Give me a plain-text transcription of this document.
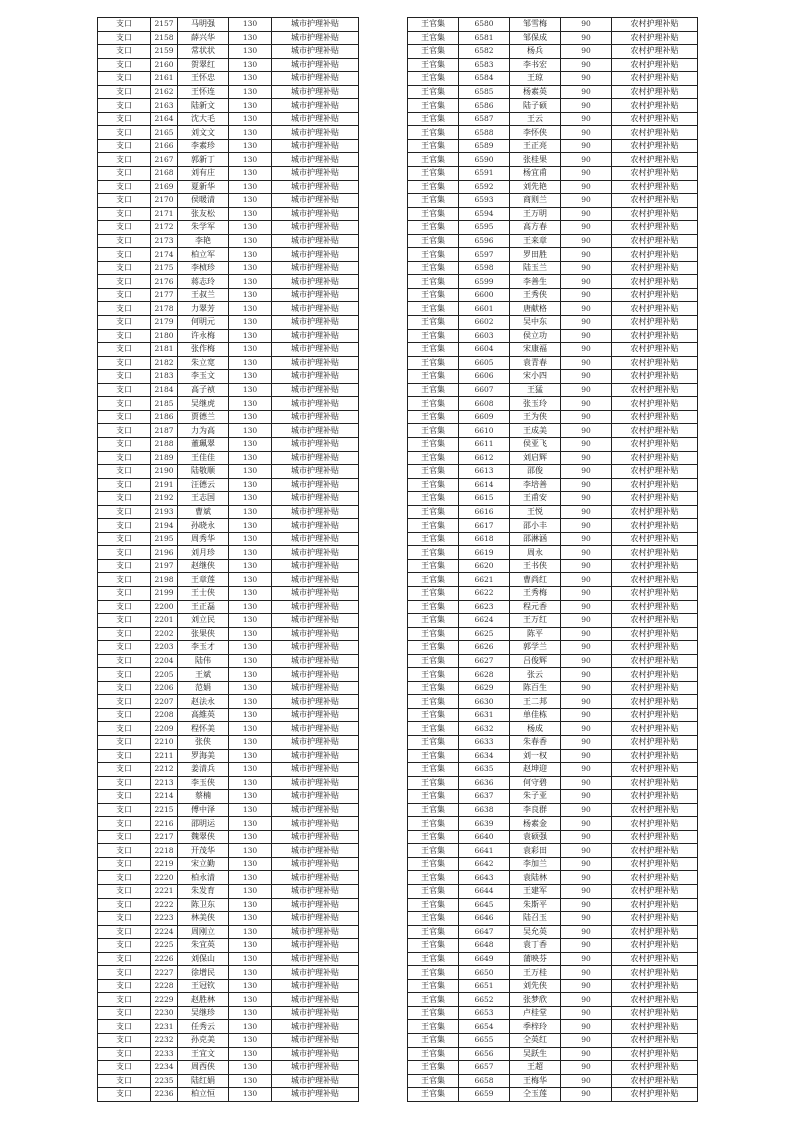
支口	2157	马明强	130	城市护理补贴
支口	2158	薛兴华	130	城市护理补贴
支口	2159	常状状	130	城市护理补贴
支口	2160	贺翠红	130	城市护理补贴
支口	2161	王怀忠	130	城市护理补贴
支口	2162	王怀连	130	城市护理补贴
支口	2163	陆新文	130	城市护理补贴
支口	2164	沈大毛	130	城市护理补贴
支口	2165	刘文文	130	城市护理补贴
支口	2166	李素珍	130	城市护理补贴
支口	2167	郭新丁	130	城市护理补贴
支口	2168	刘有庄	130	城市护理补贴
支口	2169	夏新华	130	城市护理补贴
支口	2170	侯暖清	130	城市护理补贴
支口	2171	张友松	130	城市护理补贴
支口	2172	朱学军	130	城市护理补贴
支口	2173	李艳	130	城市护理补贴
支口	2174	柏立军	130	城市护理补贴
支口	2175	李桢珍	130	城市护理补贴
支口	2176	蒋志玲	130	城市护理补贴
支口	2177	王叔兰	130	城市护理补贴
支口	2178	力翠芳	130	城市护理补贴
支口	2179	何明元	130	城市护理补贴
支口	2180	许永梅	130	城市护理补贴
支口	2181	张作梅	130	城市护理补贴
支口	2182	朱立宽	130	城市护理补贴
支口	2183	李玉文	130	城市护理补贴
支口	2184	高子祯	130	城市护理补贴
支口	2185	吴继虎	130	城市护理补贴
支口	2186	贾德兰	130	城市护理补贴
支口	2187	力为高	130	城市护理补贴
支口	2188	董珮翠	130	城市护理补贴
支口	2189	王佳佳	130	城市护理补贴
支口	2190	陆敬顺	130	城市护理补贴
支口	2191	汪德云	130	城市护理补贴
支口	2192	王志国	130	城市护理补贴
支口	2193	曹斌	130	城市护理补贴
支口	2194	孙晓永	130	城市护理补贴
支口	2195	周秀华	130	城市护理补贴
支口	2196	刘月珍	130	城市护理补贴
支口	2197	赵继侠	130	城市护理补贴
支口	2198	王章莲	130	城市护理补贴
支口	2199	王士侠	130	城市护理补贴
支口	2200	王正磊	130	城市护理补贴
支口	2201	刘立民	130	城市护理补贴
支口	2202	张果侠	130	城市护理补贴
支口	2203	李玉才	130	城市护理补贴
支口	2204	陆伟	130	城市护理补贴
支口	2205	王斌	130	城市护理补贴
支口	2206	范娟	130	城市护理补贴
支口	2207	赵法永	130	城市护理补贴
支口	2208	高維英	130	城市护理补贴
支口	2209	程怀美	130	城市护理补贴
支口	2210	张侠	130	城市护理补贴
支口	2211	罗海美	130	城市护理补贴
支口	2212	姜清兵	130	城市护理补贴
支口	2213	李玉侠	130	城市护理补贴
支口	2214	蔡楠	130	城市护理补贴
支口	2215	傅中泽	130	城市护理补贴
支口	2216	邵明运	130	城市护理补贴
支口	2217	魏翠侠	130	城市护理补贴
支口	2218	开茂华	130	城市护理补贴
支口	2219	宋立勤	130	城市护理补贴
支口	2220	柏永清	130	城市护理补贴
支口	2221	朱发育	130	城市护理补贴
支口	2222	陈卫东	130	城市护理补贴
支口	2223	林美侠	130	城市护理补贴
支口	2224	周刚立	130	城市护理补贴
支口	2225	朱宜英	130	城市护理补贴
支口	2226	刘保山	130	城市护理补贴
支口	2227	徐增民	130	城市护理补贴
支口	2228	王冠钦	130	城市护理补贴
支口	2229	赵胜林	130	城市护理补贴
支口	2230	吴继珍	130	城市护理补贴
支口	2231	任秀云	130	城市护理补贴
支口	2232	孙克美	130	城市护理补贴
支口	2233	王宜文	130	城市护理补贴
支口	2234	周西侠	130	城市护理补贴
支口	2235	陆红娟	130	城市护理补贴
支口	2236	柏立恒	130	城市护理补贴
王官集	6580	邹雪梅	90	农村护理补贴
王官集	6581	邹保成	90	农村护理补贴
王官集	6582	杨兵	90	农村护理补贴
王官集	6583	李书宏	90	农村护理补贴
王官集	6584	王琼	90	农村护理补贴
王官集	6585	杨素英	90	农村护理补贴
王官集	6586	陆子硕	90	农村护理补贴
王官集	6587	王云	90	农村护理补贴
王官集	6588	李怀侠	90	农村护理补贴
王官集	6589	王正亮	90	农村护理补贴
王官集	6590	张桂果	90	农村护理补贴
王官集	6591	杨宜甫	90	农村护理补贴
王官集	6592	刘先艳	90	农村护理补贴
王官集	6593	商则兰	90	农村护理补贴
王官集	6594	王万明	90	农村护理补贴
王官集	6595	高方春	90	农村护理补贴
王官集	6596	王来章	90	农村护理补贴
王官集	6597	罗田胜	90	农村护理补贴
王官集	6598	陆玉兰	90	农村护理补贴
王官集	6599	李善生	90	农村护理补贴
王官集	6600	王秀侠	90	农村护理补贴
王官集	6601	唐献格	90	农村护理补贴
王官集	6602	吴中东	90	农村护理补贴
王官集	6603	侯立功	90	农村护理补贴
王官集	6604	宋康福	90	农村护理补贴
王官集	6605	袁青春	90	农村护理补贴
王官集	6606	宋小四	90	农村护理补贴
王官集	6607	王猛	90	农村护理补贴
王官集	6608	张玉玲	90	农村护理补贴
王官集	6609	王为侠	90	农村护理补贴
王官集	6610	王成美	90	农村护理补贴
王官集	6611	侯亚飞	90	农村护理补贴
王官集	6612	刘启辉	90	农村护理补贴
王官集	6613	邵俊	90	农村护理补贴
王官集	6614	李培善	90	农村护理补贴
王官集	6615	王甫安	90	农村护理补贴
王官集	6616	王悦	90	农村护理补贴
王官集	6617	邵小丰	90	农村护理补贴
王官集	6618	邵淋涵	90	农村护理补贴
王官集	6619	周永	90	农村护理补贴
王官集	6620	王书侠	90	农村护理补贴
王官集	6621	曹尚红	90	农村护理补贴
王官集	6622	王秀梅	90	农村护理补贴
王官集	6623	程元香	90	农村护理补贴
王官集	6624	王万红	90	农村护理补贴
王官集	6625	陈平	90	农村护理补贴
王官集	6626	郭学兰	90	农村护理补贴
王官集	6627	吕俊辉	90	农村护理补贴
王官集	6628	张云	90	农村护理补贴
王官集	6629	陈百生	90	农村护理补贴
王官集	6630	王二邦	90	农村护理补贴
王官集	6631	单佳栋	90	农村护理补贴
王官集	6632	杨成	90	农村护理补贴
王官集	6633	朱春香	90	农村护理补贴
王官集	6634	刘一权	90	农村护理补贴
王官集	6635	赵坤迎	90	农村护理补贴
王官集	6636	何守碧	90	农村护理补贴
王官集	6637	朱子亚	90	农村护理补贴
王官集	6638	李良群	90	农村护理补贴
王官集	6639	杨素金	90	农村护理补贴
王官集	6640	袁硕强	90	农村护理补贴
王官集	6641	袁彩田	90	农村护理补贴
王官集	6642	李加兰	90	农村护理补贴
王官集	6643	袁陆林	90	农村护理补贴
王官集	6644	王建军	90	农村护理补贴
王官集	6645	朱斯平	90	农村护理补贴
王官集	6646	陆召玉	90	农村护理补贴
王官集	6647	吴允英	90	农村护理补贴
王官集	6648	袁丁香	90	农村护理补贴
王官集	6649	蒲映芬	90	农村护理补贴
王官集	6650	王万桂	90	农村护理补贴
王官集	6651	刘先侠	90	农村护理补贴
王官集	6652	张梦欣	90	农村护理补贴
王官集	6653	卢桂堂	90	农村护理补贴
王官集	6654	季梓玲	90	农村护理补贴
王官集	6655	仝英红	90	农村护理补贴
王官集	6656	吴跃生	90	农村护理补贴
王官集	6657	王超	90	农村护理补贴
王官集	6658	王梅华	90	农村护理补贴
王官集	6659	仝玉莲	90	农村护理补贴
